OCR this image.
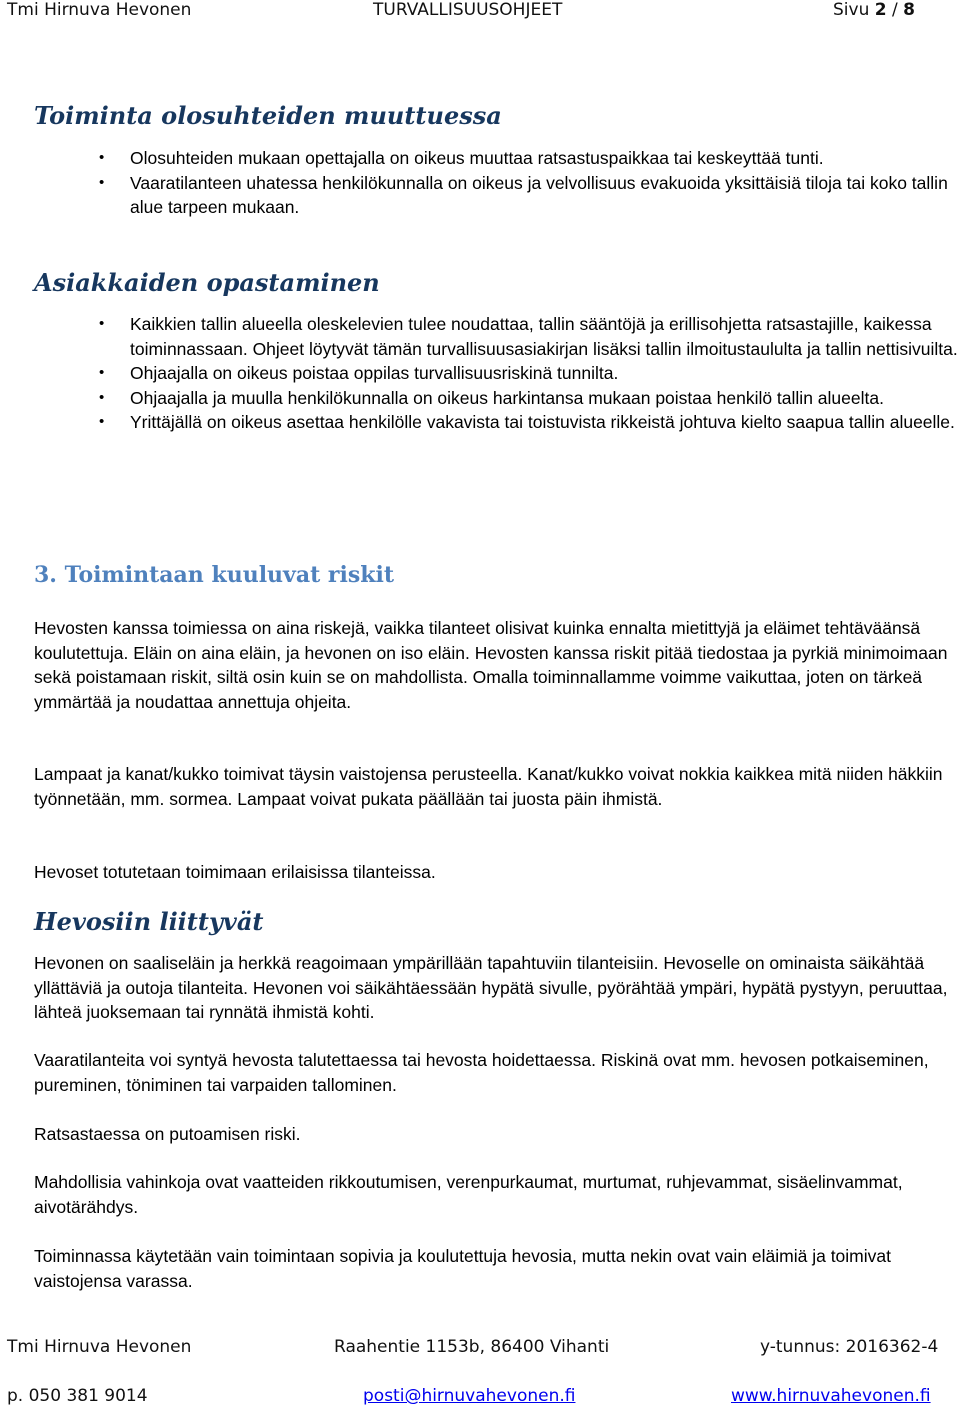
Tmi Hirnuva Hevonen	TURVALLISUUSOHJEET	Sivu 2 / 8
Toiminta olosuhteiden muuttuessa
• Olosuhteiden mukaan opettajalla on oikeus muuttaa ratsastuspaikkaa tai keskeyttää tunti.
• Vaaratilanteen uhatessa henkilökunnalla on oikeus ja velvollisuus evakuoida yksittäisiä tiloja tai koko tallin alue tarpeen mukaan.
Asiakkaiden opastaminen
• Kaikkien tallin alueella oleskelevien tulee noudattaa, tallin sääntöjä ja erillisohjetta ratsastajille, kaikessa toiminnassaan. Ohjeet löytyvät tämän turvallisuusasiakirjan lisäksi tallin ilmoitustaululta ja tallin nettisivuilta.
• Ohjaajalla on oikeus poistaa oppilas turvallisuusriskinä tunnilta.
• Ohjaajalla ja muulla henkilökunnalla on oikeus harkintansa mukaan poistaa henkilö tallin alueelta.
• Yrittäjällä on oikeus asettaa henkilölle vakavista tai toistuvista rikkeistä johtuva kielto saapua tallin alueelle.
3. Toimintaan kuuluvat riskit

Hevosten kanssa toimiessa on aina riskejä, vaikka tilanteet olisivat kuinka ennalta mietittyjä ja eläimet tehtäväänsä koulutettuja. Eläin on aina eläin, ja hevonen on iso eläin. Hevosten kanssa riskit pitää tiedostaa ja pyrkiä minimoimaan sekä poistamaan riskit, siltä osin kuin se on mahdollista. Omalla toiminnallamme voimme vaikuttaa, joten on tärkeä ymmärtää ja noudattaa annettuja ohjeita.

Lampaat ja kanat/kukko toimivat täysin vaistojensa perusteella. Kanat/kukko voivat nokkia kaikkea mitä niiden häkkiin työnnetään, mm. sormea. Lampaat voivat pukata päällään tai juosta päin ihmistä.

Hevoset totutetaan toimimaan erilaisissa tilanteissa.

Hevosiin liittyvät

Hevonen on saaliseläin ja herkkä reagoimaan ympärillään tapahtuviin tilanteisiin. Hevoselle on ominaista säikähtää yllättäviä ja outoja tilanteita. Hevonen voi säikähtäessään hypätä sivulle, pyörähtää ympäri, hypätä pystyyn, peruuttaa, lähteä juoksemaan tai rynnätä ihmistä kohti.

Vaaratilanteita voi syntyä hevosta talutettaessa tai hevosta hoidettaessa. Riskinä ovat mm. hevosen potkaiseminen, pureminen, töniminen tai varpaiden tallominen.

Ratsastaessa on putoamisen riski.

Mahdollisia vahinkoja ovat vaatteiden rikkoutumisen, verenpurkaumat, murtumat, ruhjevammat, sisäelinvammat, aivotärähdys.

Toiminnassa käytetään vain toimintaan sopivia ja koulutettuja hevosia, mutta nekin ovat vain eläimiä ja toimivat vaistojensa varassa.

Tmi Hirnuva Hevonen	Raahentie 1153b, 86400 Vihanti	y-tunnus: 2016362-4
p. 050 381 9014	posti@hirnuvahevonen.fi	www.hirnuvahevonen.fi
